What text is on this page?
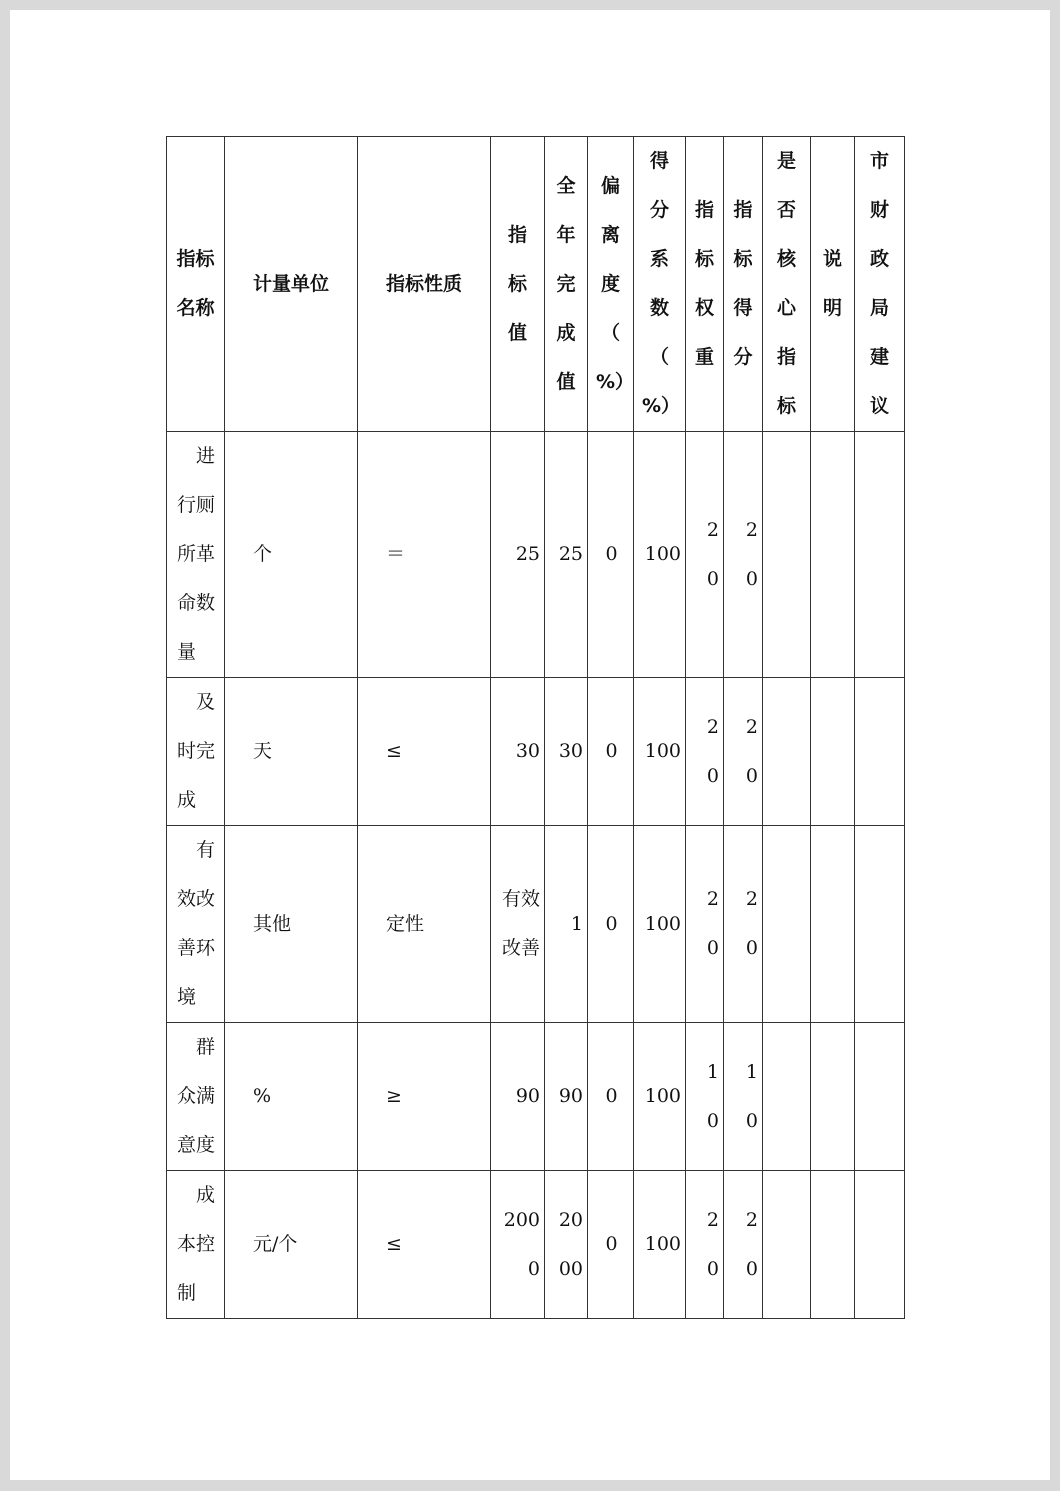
指标名称	计量单位	指标性质	指标值	全年完成值	偏离度（%）	得分系数（%）	指标权重	指标得分	是否核心指标	说明	市财政局建议
进行厕所革命数量	个	＝	25	25	0	100	20	20			
及时完成	天	≤	30	30	0	100	20	20			
有效改善环境	其他	定性	有效改善	1	0	100	20	20			
群众满意度	%	≥	90	90	0	100	10	10			
成本控制	元/个	≤	2000	2000	0	100	20	20			
